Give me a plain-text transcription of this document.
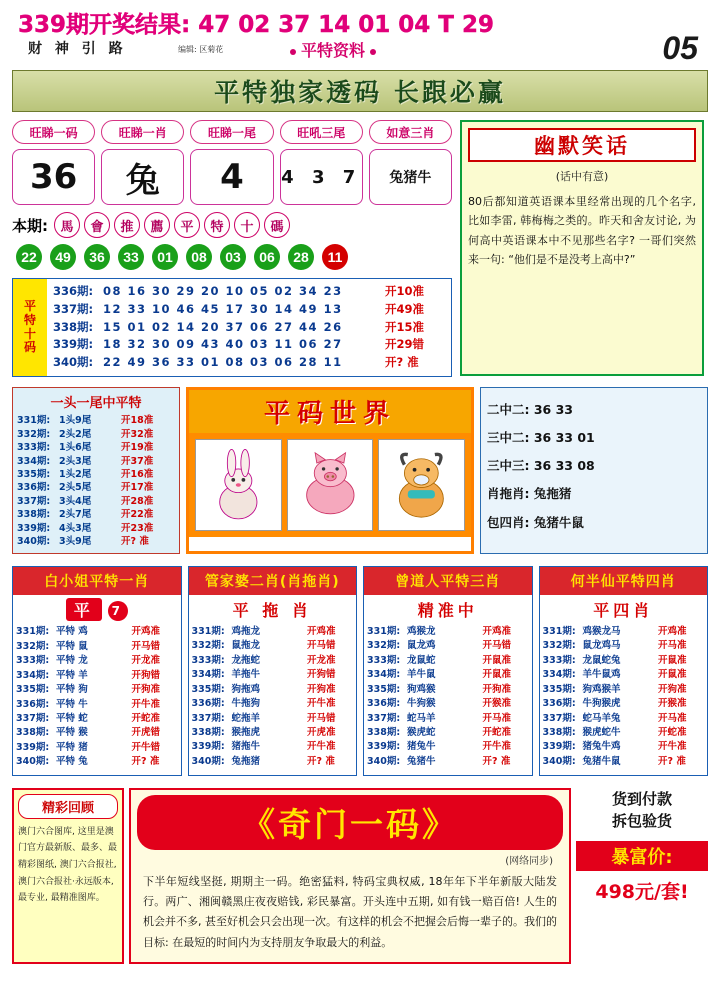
339期开奖结果: 47 02 37 14 01 04 T 29
财 神 引 路	编辑: 区菊花	平特资料	05
平特独家透码 长跟必赢
旺睇一码	旺睇一肖	旺睇一尾	旺吼三尾	如意三肖
36	兔	4	4 3 7	兔猪牛
本期: 馬	會	推	薦	平	特	十	碼
22	49	36	33	01	08	03	06	28	11
平
特
十
码
336期: 08 16 30 29 20 10 05 02 34 23	开10准
337期: 12 33 10 46 45 17 30 14 49 13	开49准
338期: 15 01 02 14 20 37 06 27 44 26	开15准
339期: 18 32 30 09 43 40 03 11 06 27	开29错
340期: 22 49 36 33 01 08 03 06 28 11	开? 准
幽默笑话
(话中有意)
80后都知道英语课本里经常出现的几个名字, 比如李雷, 韩梅梅之类的。昨天和舍友讨论, 为何高中英语课本中不见那些名字? 一哥们突然来一句: “他们是不是没考上高中?”
一头一尾中平特
331期: 1头9尾	开18准
332期: 2头2尾	开32准
333期: 1头6尾	开19准
334期: 2头3尾	开37准
335期: 1头2尾	开16准
336期: 2头5尾	开17准
337期: 3头4尾	开28准
338期: 2头7尾	开22准
339期: 4头3尾	开23准
340期: 3头9尾	开? 准
平码世界	二中二: 36 33
三中二: 36 33 01
三中三: 36 33 08
肖拖肖: 兔拖猪
包四肖: 兔猪牛鼠
白小姐平特一肖
平 7
331期: 平特 鸡	开鸡准
332期: 平特 鼠	开马错
333期: 平特 龙	开龙准
334期: 平特 羊	开狗错
335期: 平特 狗	开狗准
336期: 平特 牛	开牛准
337期: 平特 蛇	开蛇准
338期: 平特 猴	开虎错
339期: 平特 猪	开牛错
340期: 平特 兔	开? 准
管家婆二肖(肖拖肖)
平 拖 肖
331期: 鸡拖龙	开鸡准
332期: 鼠拖龙	开马错
333期: 龙拖蛇	开龙准
334期: 羊拖牛	开狗错
335期: 狗拖鸡	开狗准
336期: 牛拖狗	开牛准
337期: 蛇拖羊	开马错
338期: 猴拖虎	开虎准
339期: 猪拖牛	开牛准
340期: 兔拖猪	开? 准
曾道人平特三肖
精准中
331期: 鸡猴龙	开鸡准
332期: 鼠龙鸡	开马错
333期: 龙鼠蛇	开鼠准
334期: 羊牛鼠	开鼠准
335期: 狗鸡猴	开狗准
336期: 牛狗猴	开猴准
337期: 蛇马羊	开马准
338期: 猴虎蛇	开蛇准
339期: 猪兔牛	开牛准
340期: 兔猪牛	开? 准
何半仙平特四肖
平四肖
331期: 鸡猴龙马	开鸡准
332期: 鼠龙鸡马	开马准
333期: 龙鼠蛇兔	开鼠准
334期: 羊牛鼠鸡	开鼠准
335期: 狗鸡猴羊	开狗准
336期: 牛狗猴虎	开猴准
337期: 蛇马羊兔	开马准
338期: 猴虎蛇牛	开蛇准
339期: 猪兔牛鸡	开牛准
340期: 兔猪牛鼠	开? 准
精彩回顾
澳门六合图库, 这里是澳门官方最新版、最多、最精彩图纸, 澳门六合报社, 澳门六合报社·永远版本, 最专业, 最精准图库。
《奇门一码》
(网络同步)
下半年短线坚挺, 期期主一码。绝密猛料, 特码宝典权威, 18年年下半年新版大陆发行。两广、湘闽赣黑庄夜夜赔钱, 彩民暴富。开头连中五期, 如有钱一赔百倍! 人生的机会并不多, 甚至好机会只会出现一次。有这样的机会不把握会后悔一辈子的。我们的目标: 在最短的时间内为支持朋友争取最大的利益。
货到付款
拆包验货
暴富价:
498元/套!
